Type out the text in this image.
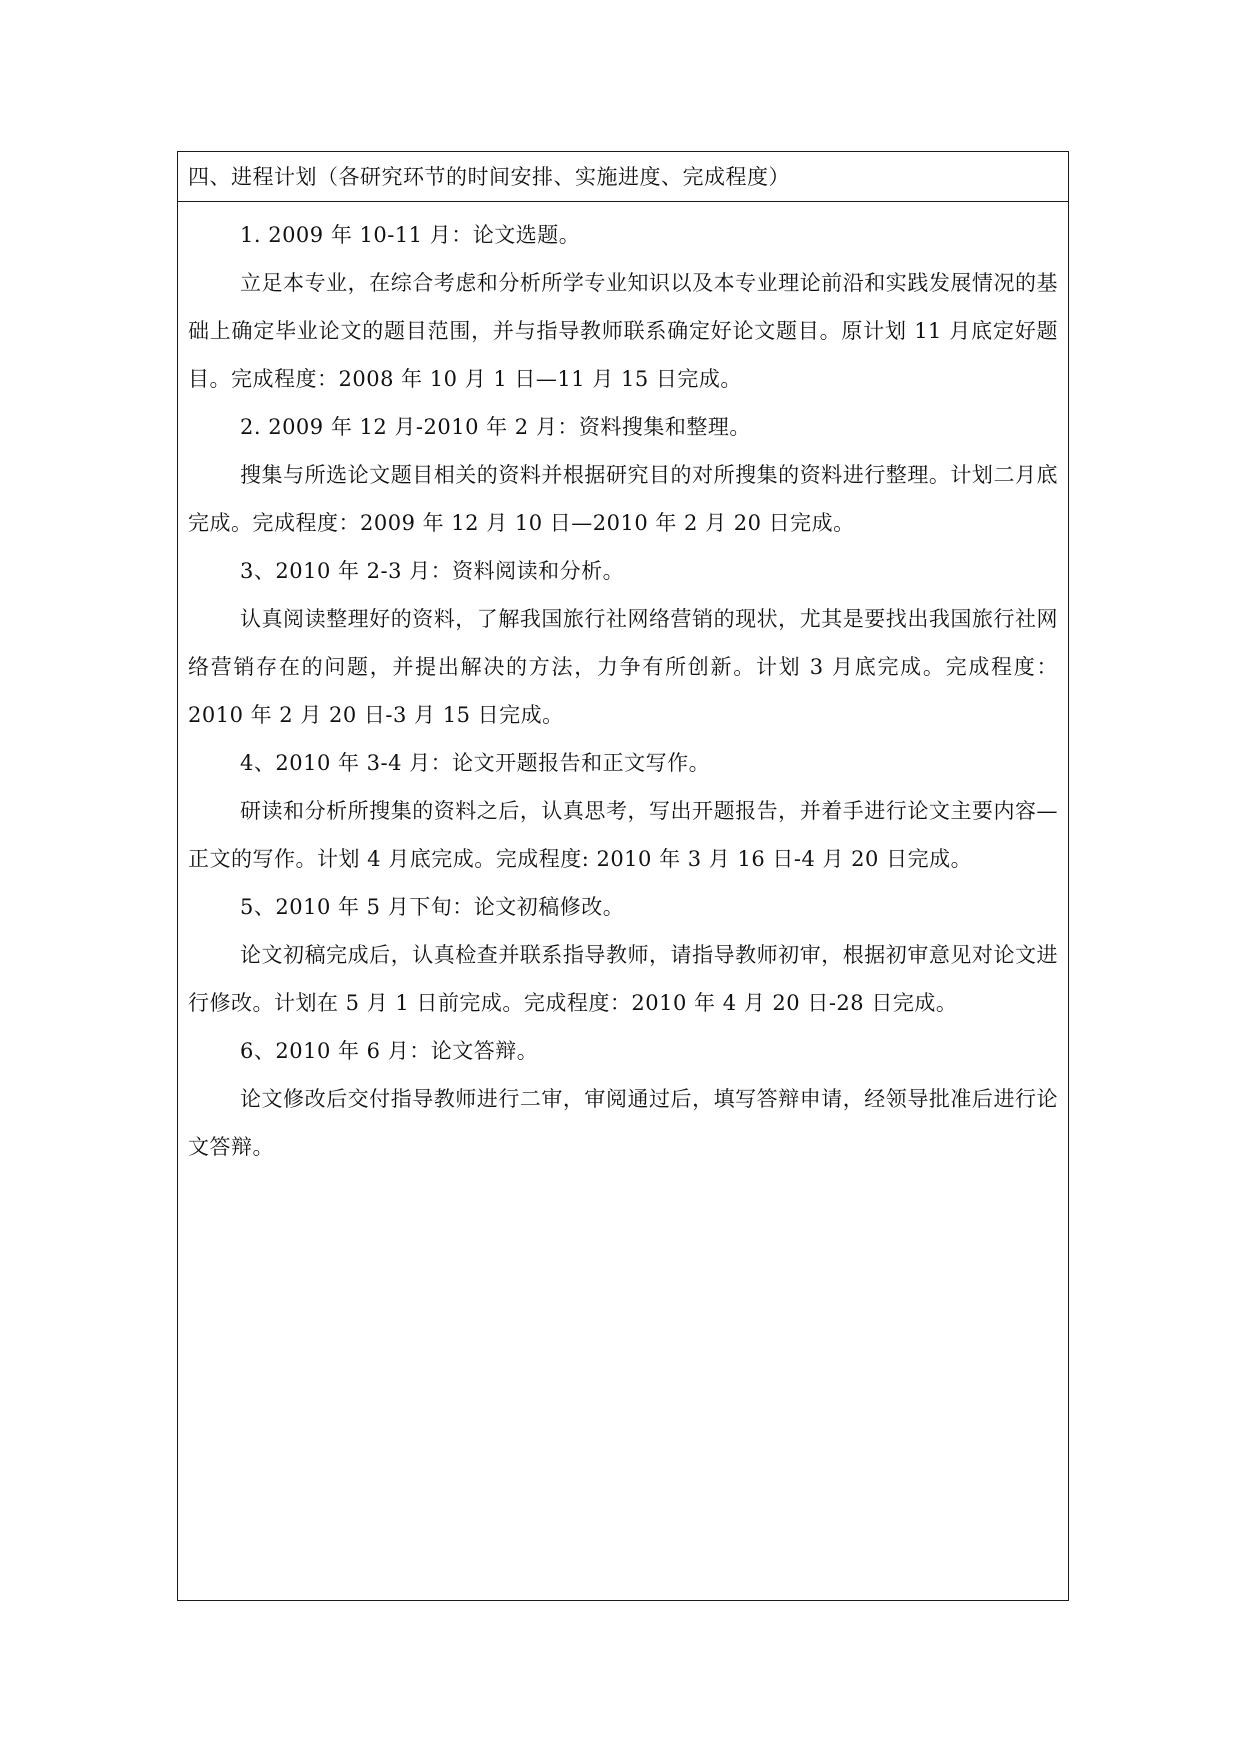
四、进程计划（各研究环节的时间安排、实施进度、完成程度）

1. 2009 年 10-11 月：论文选题。

立足本专业，在综合考虑和分析所学专业知识以及本专业理论前沿和实践发展情况的基础上确定毕业论文的题目范围，并与指导教师联系确定好论文题目。原计划 11 月底定好题目。完成程度：2008 年 10 月 1 日—11 月 15 日完成。

2. 2009 年 12 月-2010 年 2 月：资料搜集和整理。

搜集与所选论文题目相关的资料并根据研究目的对所搜集的资料进行整理。计划二月底完成。完成程度：2009 年 12 月 10 日—2010 年 2 月 20 日完成。

3、2010 年 2-3 月：资料阅读和分析。

认真阅读整理好的资料，了解我国旅行社网络营销的现状，尤其是要找出我国旅行社网络营销存在的问题，并提出解决的方法，力争有所创新。计划 3 月底完成。完成程度：2010 年 2 月 20 日-3 月 15 日完成。

4、2010 年 3-4 月：论文开题报告和正文写作。

研读和分析所搜集的资料之后，认真思考，写出开题报告，并着手进行论文主要内容—正文的写作。计划 4 月底完成。完成程度: 2010 年 3 月 16 日-4 月 20 日完成。

5、2010 年 5 月下旬：论文初稿修改。

论文初稿完成后，认真检查并联系指导教师，请指导教师初审，根据初审意见对论文进行修改。计划在 5 月 1 日前完成。完成程度：2010 年 4 月 20 日-28 日完成。

6、2010 年 6 月：论文答辩。

论文修改后交付指导教师进行二审，审阅通过后，填写答辩申请，经领导批准后进行论文答辩。
